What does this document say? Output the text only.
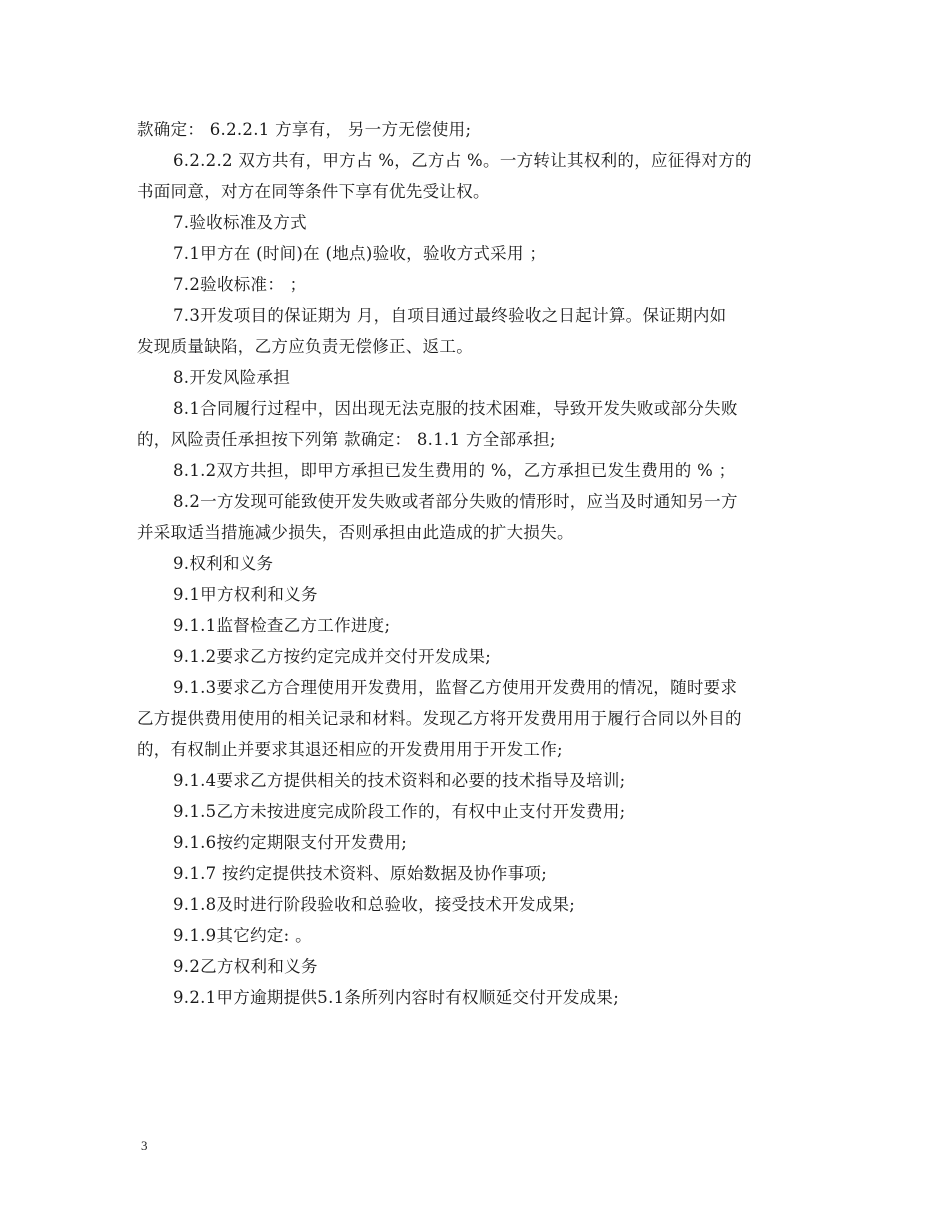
款确定： 6.2.2.1 方享有， 另一方无偿使用;
6.2.2.2 双方共有，甲方占 %，乙方占 %。一方转让其权利的，应征得对方的
书面同意，对方在同等条件下享有优先受让权。
7.验收标准及方式
7.1甲方在 (时间)在 (地点)验收，验收方式采用 ；
7.2验收标准： ；
7.3开发项目的保证期为 月，自项目通过最终验收之日起计算。保证期内如
发现质量缺陷，乙方应负责无偿修正、返工。
8.开发风险承担
8.1合同履行过程中，因出现无法克服的技术困难，导致开发失败或部分失败
的，风险责任承担按下列第 款确定： 8.1.1 方全部承担;
8.1.2双方共担，即甲方承担已发生费用的 %，乙方承担已发生费用的 % ；
8.2一方发现可能致使开发失败或者部分失败的情形时，应当及时通知另一方
并采取适当措施减少损失，否则承担由此造成的扩大损失。
9.权利和义务
9.1甲方权利和义务
9.1.1监督检查乙方工作进度;
9.1.2要求乙方按约定完成并交付开发成果;
9.1.3要求乙方合理使用开发费用，监督乙方使用开发费用的情况，随时要求
乙方提供费用使用的相关记录和材料。发现乙方将开发费用用于履行合同以外目的
的，有权制止并要求其退还相应的开发费用用于开发工作;
9.1.4要求乙方提供相关的技术资料和必要的技术指导及培训;
9.1.5乙方未按进度完成阶段工作的，有权中止支付开发费用;
9.1.6按约定期限支付开发费用;
9.1.7 按约定提供技术资料、原始数据及协作事项;
9.1.8及时进行阶段验收和总验收，接受技术开发成果;
9.1.9其它约定: 。
9.2乙方权利和义务
9.2.1甲方逾期提供5.1条所列内容时有权顺延交付开发成果;
3
